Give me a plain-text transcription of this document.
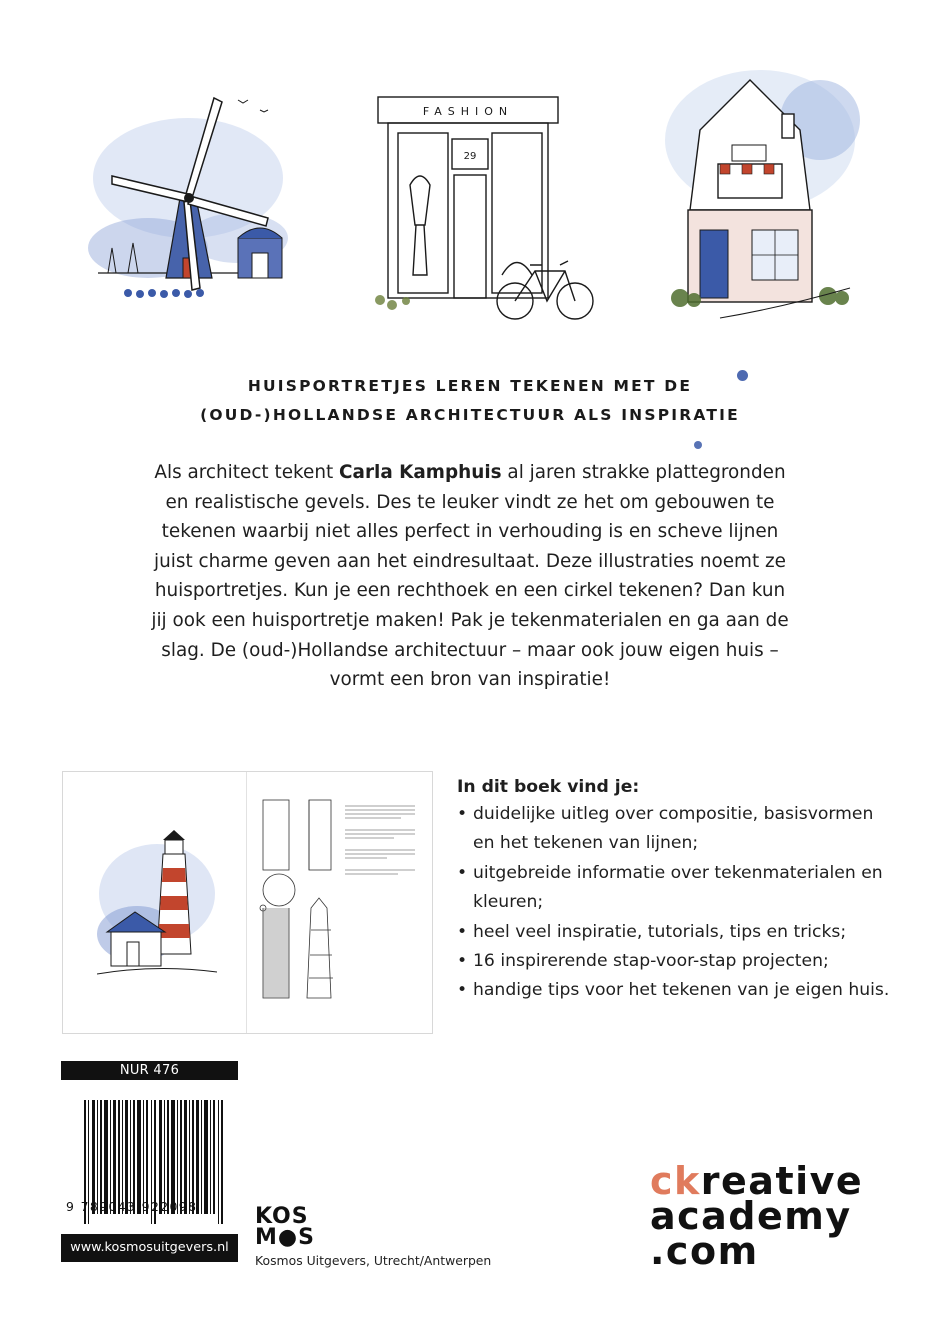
FASHION
29
HUISPORTRETJES LEREN TEKENEN MET DE
(OUD-)HOLLANDSE ARCHITECTUUR ALS INSPIRATIE
Als architect tekent Carla Kamphuis al jaren strakke plattegronden en realistische gevels. Des te leuker vindt ze het om gebouwen te tekenen waarbij niet alles perfect in verhouding is en scheve lijnen juist charme geven aan het eindresultaat. Deze illustraties noemt ze huisportretjes. Kun je een rechthoek en een cirkel tekenen? Dan kun jij ook een huisportretje maken! Pak je tekenmaterialen en ga aan de slag. De (oud-)Hollandse architectuur – maar ook jouw eigen huis – vormt een bron van inspiratie!
In dit boek vind je:
• duidelijke uitleg over compositie, basisvormen en het tekenen van lijnen;
• uitgebreide informatie over tekenmaterialen en kleuren;
• heel veel inspiratie, tutorials, tips en tricks;
• 16 inspirerende stap-voor-stap projecten;
• handige tips voor het tekenen van je eigen huis.
NUR 476
9 789043 922098
www.kosmosuitgevers.nl
KOS
M●S
Kosmos Uitgevers, Utrecht/Antwerpen
ckreative
academy
.com
